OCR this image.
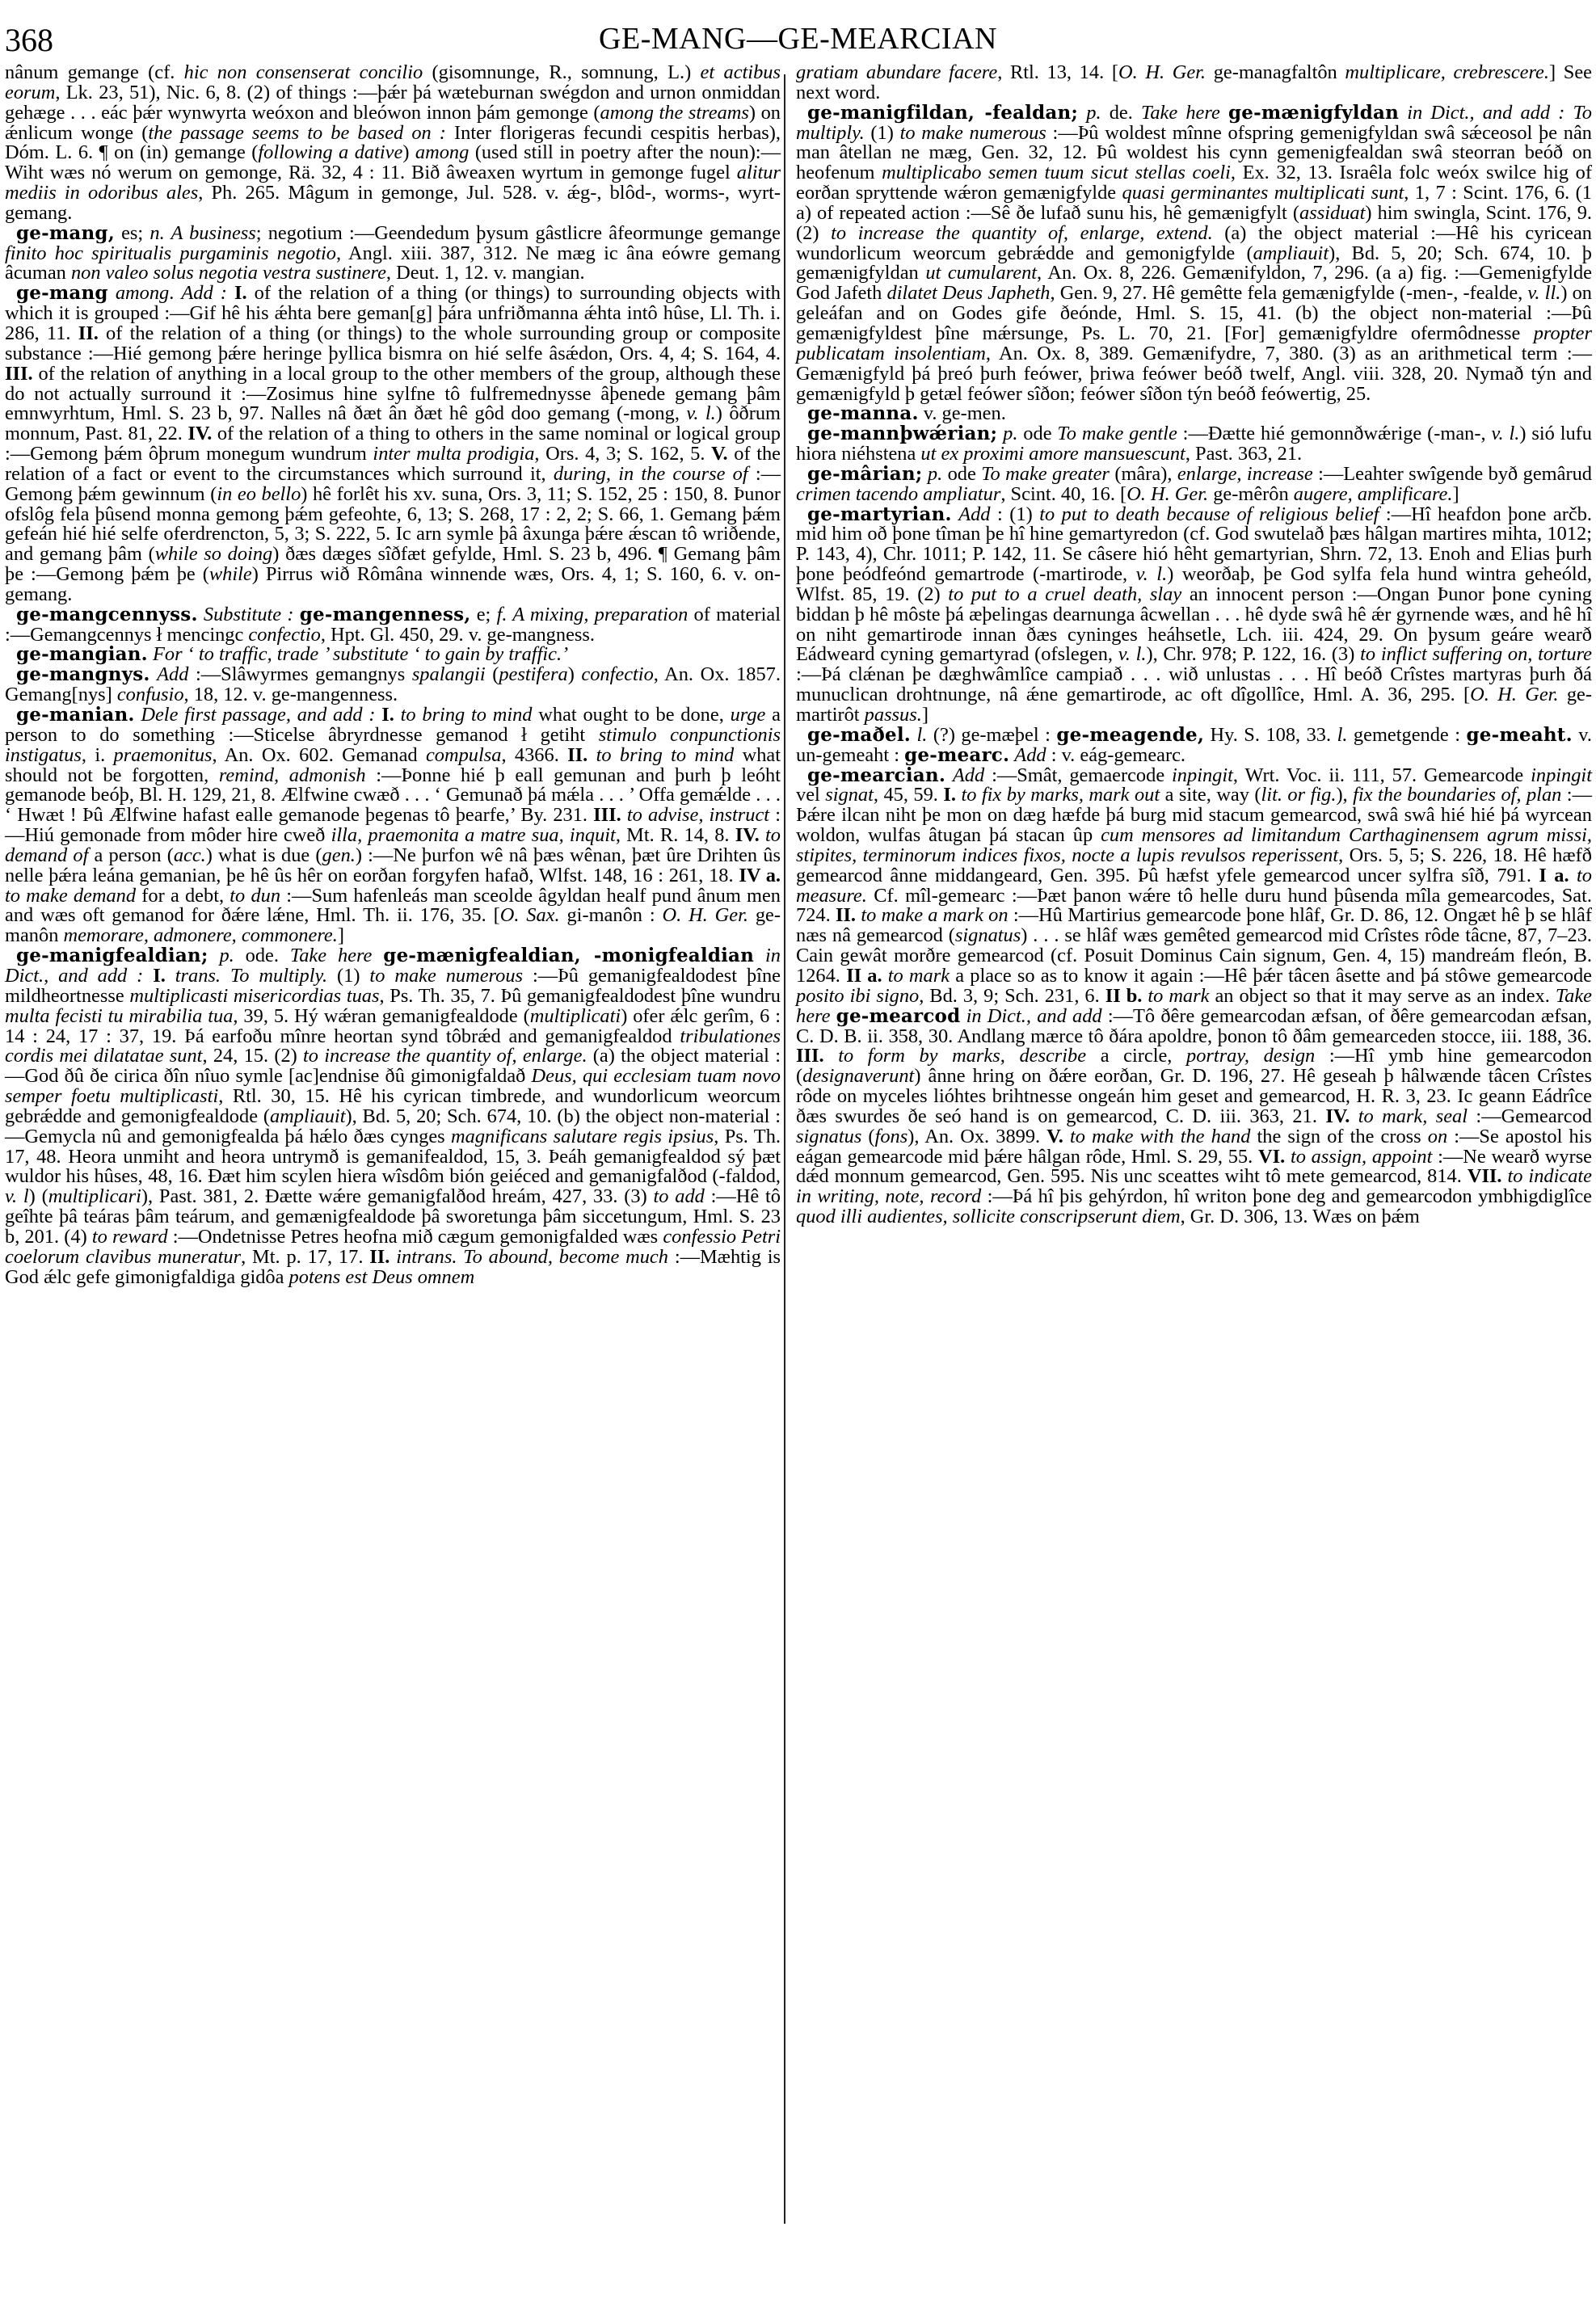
368	GE-MANG—GE-MEARCIAN

nânum gemange (cf. hic non consenserat concilio (gisomnunge, R., somnung, L.) et actibus eorum, Lk. 23, 51), Nic. 6, 8. (2) of things :—þǽr þá wæteburnan swégdon and urnon onmiddan gehæge . . . eác þǽr wynwyrta weóxon and bleówon innon þám gemonge (among the streams) on ǽnlicum wonge (the passage seems to be based on : Inter florigeras fecundi cespitis herbas), Dóm. L. 6. ¶ on (in) gemange (following a dative) among (used still in poetry after the noun):—Wiht wæs nó werum on gemonge, Rä. 32, 4 : 11. Bið âweaxen wyrtum in gemonge fugel alitur mediis in odoribus ales, Ph. 265. Mâgum in gemonge, Jul. 528. v. ǽg-, blôd-, worms-, wyrt-gemang.

ge-mang, es; n. A business; negotium :—Geendedum þysum gâstlicre âfeormunge gemange finito hoc spiritualis purgaminis negotio, Angl. xiii. 387, 312. Ne mæg ic âna eówre gemang âcuman non valeo solus negotia vestra sustinere, Deut. 1, 12. v. mangian.

ge-mang among. Add : I. of the relation of a thing (or things) to surrounding objects with which it is grouped :—Gif hê his ǽhta bere geman[g] þára unfriðmanna ǽhta intô hûse, Ll. Th. i. 286, 11. II. of the relation of a thing (or things) to the whole surrounding group or composite substance :—Hié gemong þǽre heringe þyllica bismra on hié selfe âsǽdon, Ors. 4, 4; S. 164, 4. III. of the relation of anything in a local group to the other members of the group, although these do not actually surround it :—Zosimus hine sylfne tô fulfremednysse âþenede gemang þâm emnwyrhtum, Hml. S. 23 b, 97. Nalles nâ ðæt ân ðæt hê gôd doo gemang (-mong, v. l.) ôðrum monnum, Past. 81, 22. IV. of the relation of a thing to others in the same nominal or logical group :—Gemong þǽm ôþrum monegum wundrum inter multa prodigia, Ors. 4, 3; S. 162, 5. V. of the relation of a fact or event to the circumstances which surround it, during, in the course of :—Gemong þǽm gewinnum (in eo bello) hê forlêt his xv. suna, Ors. 3, 11; S. 152, 25 : 150, 8. Þunor ofslôg fela þûsend monna gemong þǽm gefeohte, 6, 13; S. 268, 17 : 2, 2; S. 66, 1. Gemang þǽm gefeán hié hié selfe oferdrencton, 5, 3; S. 222, 5. Ic arn symle þâ âxunga þǽre ǽscan tô wriðende, and gemang þâm (while so doing) ðæs dæges sîðfæt gefylde, Hml. S. 23 b, 496. ¶ Gemang þâm þe :—Gemong þǽm þe (while) Pirrus wið Rômâna winnende wæs, Ors. 4, 1; S. 160, 6. v. on-gemang.

ge-mangcennyss. Substitute : ge-mangenness, e; f. A mixing, preparation of material :—Gemangcennys ł mencingc confectio, Hpt. Gl. 450, 29. v. ge-mangness.

ge-mangian. For ‘ to traffic, trade ’ substitute ‘ to gain by traffic.’

ge-mangnys. Add :—Slâwyrmes gemangnys spalangii (pestifera) confectio, An. Ox. 1857. Gemang[nys] confusio, 18, 12. v. ge-mangenness.

ge-manian. Dele first passage, and add : I. to bring to mind what ought to be done, urge a person to do something :—Sticelse âbryrdnesse gemanod ł getiht stimulo conpunctionis instigatus, i. praemonitus, An. Ox. 602. Gemanad compulsa, 4366. II. to bring to mind what should not be forgotten, remind, admonish :—Þonne hié þ eall gemunan and þurh þ leóht gemanode beóþ, Bl. H. 129, 21, 8. Ælfwine cwæð . . . ‘ Gemunað þá mǽla . . . ’ Offa gemǽlde . . . ‘ Hwæt ! Þû Ælfwine hafast ealle gemanode þegenas tô þearfe,’ By. 231. III. to advise, instruct :—Hiú gemonade from môder hire cweð illa, praemonita a matre sua, inquit, Mt. R. 14, 8. IV. to demand of a person (acc.) what is due (gen.) :—Ne þurfon wê nâ þæs wênan, þæt ûre Drihten ûs nelle þǽra leána gemanian, þe hê ûs hêr on eorðan forgyfen hafað, Wlfst. 148, 16 : 261, 18. IV a. to make demand for a debt, to dun :—Sum hafenleás man sceolde âgyldan healf pund ânum men and wæs oft gemanod for ðǽre lǽne, Hml. Th. ii. 176, 35. [O. Sax. gi-manôn : O. H. Ger. ge-manôn memorare, admonere, commonere.]

ge-manigfealdian; p. ode. Take here ge-mænigfealdian, -monigfealdian in Dict., and add : I. trans. To multiply. (1) to make numerous :—Þû gemanigfealdodest þîne mildheortnesse multiplicasti misericordias tuas, Ps. Th. 35, 7. Þû gemanigfealdodest þîne wundru multa fecisti tu mirabilia tua, 39, 5. Hý wǽran gemanigfealdode (multiplicati) ofer ǽlc gerîm, 6 : 14 : 24, 17 : 37, 19. Þá earfoðu mînre heortan synd tôbrǽd and gemanigfealdod tribulationes cordis mei dilatatae sunt, 24, 15. (2) to increase the quantity of, enlarge. (a) the object material :—God ðû ðe cirica ðîn nîuo symle [ac]endnise ðû gimonigfaldað Deus, qui ecclesiam tuam novo semper foetu multiplicasti, Rtl. 30, 15. Hê his cyrican timbrede, and wundorlicum weorcum gebrǽdde and gemonigfealdode (ampliauit), Bd. 5, 20; Sch. 674, 10. (b) the object non-material :—Gemycla nû and gemonigfealda þá hǽlo ðæs cynges magnificans salutare regis ipsius, Ps. Th. 17, 48. Heora unmiht and heora untrymð is gemanifealdod, 15, 3. Þeáh gemanigfealdod sý þæt wuldor his hûses, 48, 16. Ðæt him scylen hiera wîsdôm bión geiéced and gemanigfalðod (-faldod, v. l) (multiplicari), Past. 381, 2. Ðætte wǽre gemanigfalðod hreám, 427, 33. (3) to add :—Hê tô geîhte þâ teáras þâm teárum, and gemænigfealdode þâ sworetunga þâm siccetungum, Hml. S. 23 b, 201. (4) to reward :—Ondetnisse Petres heofna mið cægum gemonigfalded wæs confessio Petri coelorum clavibus muneratur, Mt. p. 17, 17. II. intrans. To abound, become much :—Mæhtig is God ǽlc gefe gimonigfaldiga gidôa potens est Deus omnem

gratiam abundare facere, Rtl. 13, 14. [O. H. Ger. ge-managfaltôn multiplicare, crebrescere.] See next word.

ge-manigfildan, -fealdan; p. de. Take here ge-mænigfyldan in Dict., and add : To multiply. (1) to make numerous :—Þû woldest mînne ofspring gemenigfyldan swâ sǽceosol þe nân man âtellan ne mæg, Gen. 32, 12. Þû woldest his cynn gemenigfealdan swâ steorran beóð on heofenum multiplicabo semen tuum sicut stellas coeli, Ex. 32, 13. Israêla folc weóx swilce hig of eorðan spryttende wǽron gemænigfylde quasi germinantes multiplicati sunt, 1, 7 : Scint. 176, 6. (1 a) of repeated action :—Sê ðe lufað sunu his, hê gemænigfylt (assiduat) him swingla, Scint. 176, 9. (2) to increase the quantity of, enlarge, extend. (a) the object material :—Hê his cyricean wundorlicum weorcum gebrǽdde and gemonigfylde (ampliauit), Bd. 5, 20; Sch. 674, 10. þ gemænigfyldan ut cumularent, An. Ox. 8, 226. Gemænifyldon, 7, 296. (a a) fig. :—Gemenigfylde God Jafeth dilatet Deus Japheth, Gen. 9, 27. Hê gemêtte fela gemænigfylde (-men-, -fealde, v. ll.) on geleáfan and on Godes gife ðeónde, Hml. S. 15, 41. (b) the object non-material :—Þû gemænigfyldest þîne mǽrsunge, Ps. L. 70, 21. [For] gemænigfyldre ofermôdnesse propter publicatam insolentiam, An. Ox. 8, 389. Gemænifydre, 7, 380. (3) as an arithmetical term :—Gemænigfyld þá þreó þurh feówer, þriwa feówer beóð twelf, Angl. viii. 328, 20. Nymað týn and gemænigfyld þ getæl feówer sîðon; feówer sîðon týn beóð feówertig, 25.

ge-manna. v. ge-men.

ge-mannþwǽrian; p. ode To make gentle :—Ðætte hié gemonnðwǽrige (-man-, v. l.) sió lufu hiora niéhstena ut ex proximi amore mansuescunt, Past. 363, 21.

ge-mârian; p. ode To make greater (mâra), enlarge, increase :—Leahter swîgende byð gemârud crimen tacendo ampliatur, Scint. 40, 16. [O. H. Ger. ge-mêrôn augere, amplificare.]

ge-martyrian. Add : (1) to put to death because of religious belief :—Hî heafdon þone arčb. mid him oð þone tîman þe hî hine gemartyredon (cf. God swutelað þæs hâlgan martires mihta, 1012; P. 143, 4), Chr. 1011; P. 142, 11. Se câsere hió hêht gemartyrian, Shrn. 72, 13. Enoh and Elias þurh þone þeódfeónd gemartrode (-martirode, v. l.) weorðaþ, þe God sylfa fela hund wintra geheóld, Wlfst. 85, 19. (2) to put to a cruel death, slay an innocent person :—Ongan Þunor þone cyning biddan þ hê môste þá æþelingas dearnunga âcwellan . . . hê dyde swâ hê ǽr gyrnende wæs, and hê hî on niht gemartirode innan ðæs cyninges heáhsetle, Lch. iii. 424, 29. On þysum geáre wearð Eádweard cyning gemartyrad (ofslegen, v. l.), Chr. 978; P. 122, 16. (3) to inflict suffering on, torture :—Þá clǽnan þe dæghwâmlîce campiað . . . wið unlustas . . . Hî beóð Crîstes martyras þurh ðá munuclican drohtnunge, nâ ǽne gemartirode, ac oft dîgollîce, Hml. A. 36, 295. [O. H. Ger. ge-martirôt passus.]

ge-maðel. l. (?) ge-mæþel : ge-meagende, Hy. S. 108, 33. l. gemetgende : ge-meaht. v. un-gemeaht : ge-mearc. Add : v. eág-gemearc.

ge-mearcian. Add :—Smât, gemaercode inpingit, Wrt. Voc. ii. 111, 57. Gemearcode inpingit vel signat, 45, 59. I. to fix by marks, mark out a site, way (lit. or fig.), fix the boundaries of, plan :—Þǽre ilcan niht þe mon on dæg hæfde þá burg mid stacum gemearcod, swâ swâ hié hié þá wyrcean woldon, wulfas âtugan þá stacan ûp cum mensores ad limitandum Carthaginensem agrum missi, stipites, terminorum indices fixos, nocte a lupis revulsos reperissent, Ors. 5, 5; S. 226, 18. Hê hæfð gemearcod ânne middangeard, Gen. 395. Þû hæfst yfele gemearcod uncer sylfra sîð, 791. I a. to measure. Cf. mîl-gemearc :—Þæt þanon wǽre tô helle duru hund þûsenda mîla gemearcodes, Sat. 724. II. to make a mark on :—Hû Martirius gemearcode þone hlâf, Gr. D. 86, 12. Ongæt hê þ se hlâf næs nâ gemearcod (signatus) . . . se hlâf wæs gemêted gemearcod mid Crîstes rôde tâcne, 87, 7–23. Cain gewât morðre gemearcod (cf. Posuit Dominus Cain signum, Gen. 4, 15) mandreám fleón, B. 1264. II a. to mark a place so as to know it again :—Hê þǽr tâcen âsette and þá stôwe gemearcode posito ibi signo, Bd. 3, 9; Sch. 231, 6. II b. to mark an object so that it may serve as an index. Take here ge-mearcod in Dict., and add :—Tô ðêre gemearcodan æfsan, of ðêre gemearcodan æfsan, C. D. B. ii. 358, 30. Andlang mærce tô ðára apoldre, þonon tô ðâm gemearceden stocce, iii. 188, 36. III. to form by marks, describe a circle, portray, design :—Hî ymb hine gemearcodon (designaverunt) ânne hring on ðǽre eorðan, Gr. D. 196, 27. Hê geseah þ hâlwænde tâcen Crîstes rôde on myceles lióhtes brihtnesse ongeán him geset and gemearcod, H. R. 3, 23. Ic geann Eádrîce ðæs swurdes ðe seó hand is on gemearcod, C. D. iii. 363, 21. IV. to mark, seal :—Gemearcod signatus (fons), An. Ox. 3899. V. to make with the hand the sign of the cross on :—Se apostol his eágan gemearcode mid þǽre hâlgan rôde, Hml. S. 29, 55. VI. to assign, appoint :—Ne wearð wyrse dǽd monnum gemearcod, Gen. 595. Nis unc sceattes wiht tô mete gemearcod, 814. VII. to indicate in writing, note, record :—Þá hî þis gehýrdon, hî writon þone deg and gemearcodon ymbhigdiglîce quod illi audientes, sollicite conscripserunt diem, Gr. D. 306, 13. Wæs on þǽm
